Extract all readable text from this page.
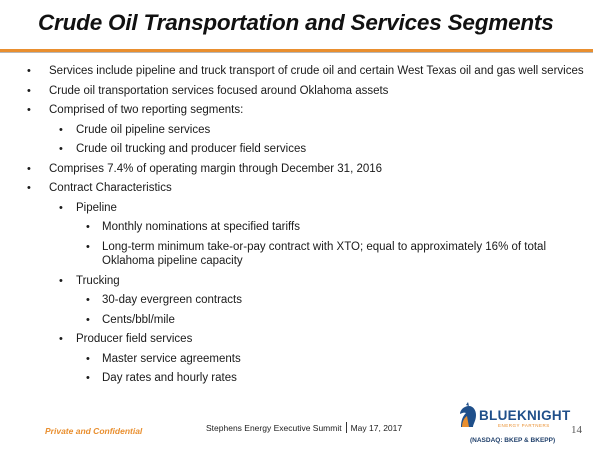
Crude Oil Transportation and Services Segments
• Services include pipeline and truck transport of crude oil and certain West Texas oil and gas well services
• Crude oil transportation services focused around Oklahoma assets
• Comprised of two reporting segments:
• Crude oil pipeline services
• Crude oil trucking and producer field services
• Comprises 7.4% of operating margin through December 31, 2016
• Contract Characteristics
• Pipeline
• Monthly nominations at specified tariffs
• Long-term minimum take-or-pay contract with XTO; equal to approximately 16% of total Oklahoma pipeline capacity
• Trucking
• 30-day evergreen contracts
• Cents/bbl/mile
• Producer field services
• Master service agreements
• Day rates and hourly rates
Private and Confidential	Stephens Energy Executive Summit May 17, 2017
BLUEKNIGHT
ENERGY PARTNERS
(NASDAQ: BKEP & BKEPP)
14
